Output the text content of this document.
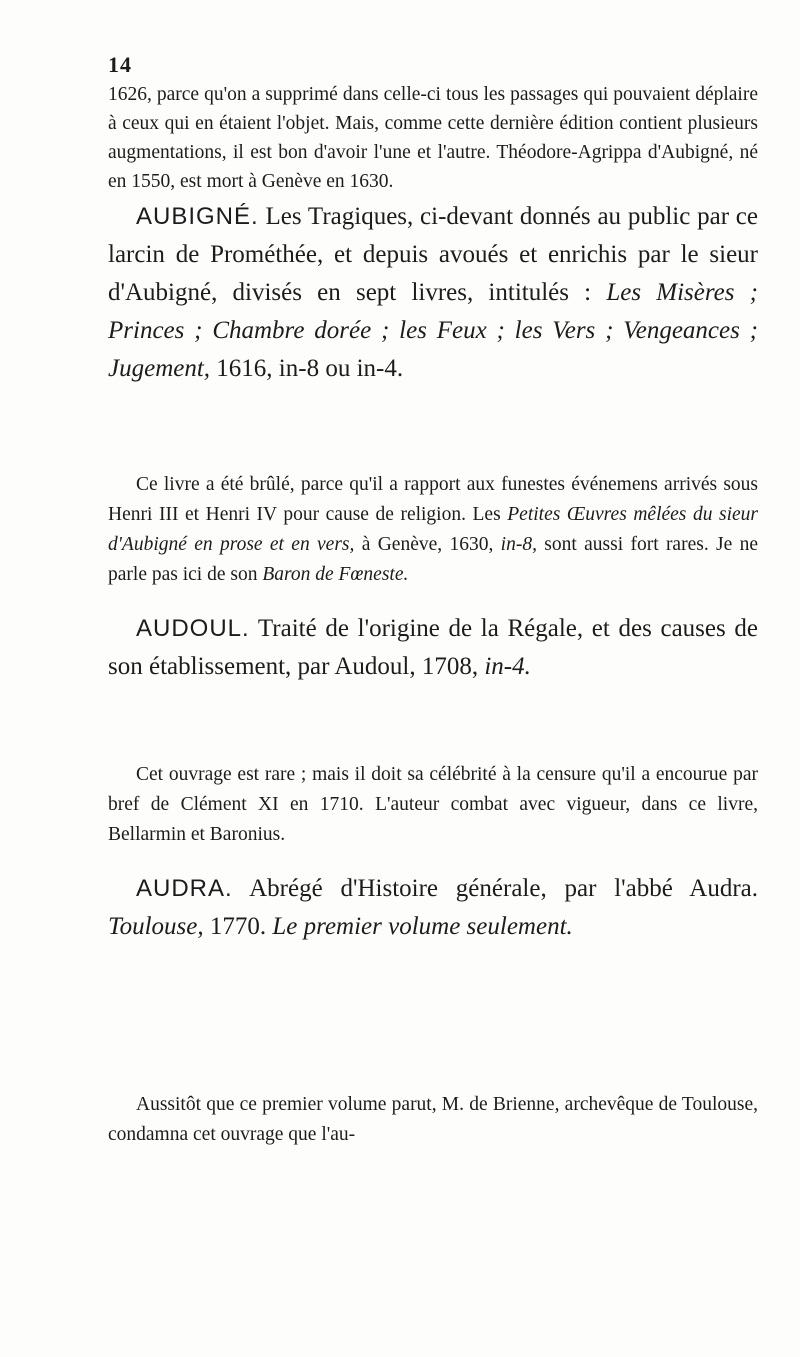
14

1626, parce qu'on a supprimé dans celle-ci tous les passages qui pouvaient déplaire à ceux qui en étaient l'objet. Mais, comme cette dernière édition contient plusieurs augmentations, il est bon d'avoir l'une et l'autre. Théodore-Agrippa d'Aubigné, né en 1550, est mort à Genève en 1630.

AUBIGNÉ. Les Tragiques, ci-devant donnés au public par ce larcin de Prométhée, et depuis avoués et enrichis par le sieur d'Aubigné, divisés en sept livres, intitulés : Les Misères ; Princes ; Chambre dorée ; les Feux ; les Vers ; Vengeances ; Jugement, 1616, in-8 ou in-4.

Ce livre a été brûlé, parce qu'il a rapport aux funestes événemens arrivés sous Henri III et Henri IV pour cause de religion. Les Petites Œuvres mêlées du sieur d'Aubigné en prose et en vers, à Genève, 1630, in-8, sont aussi fort rares. Je ne parle pas ici de son Baron de Fœneste.

AUDOUL. Traité de l'origine de la Régale, et des causes de son établissement, par Audoul, 1708, in-4.

Cet ouvrage est rare ; mais il doit sa célébrité à la censure qu'il a encourue par bref de Clément XI en 1710. L'auteur combat avec vigueur, dans ce livre, Bellarmin et Baronius.

AUDRA. Abrégé d'Histoire générale, par l'abbé Audra. Toulouse, 1770. Le premier volume seulement.

Aussitôt que ce premier volume parut, M. de Brienne, archevêque de Toulouse, condamna cet ouvrage que l'au-
